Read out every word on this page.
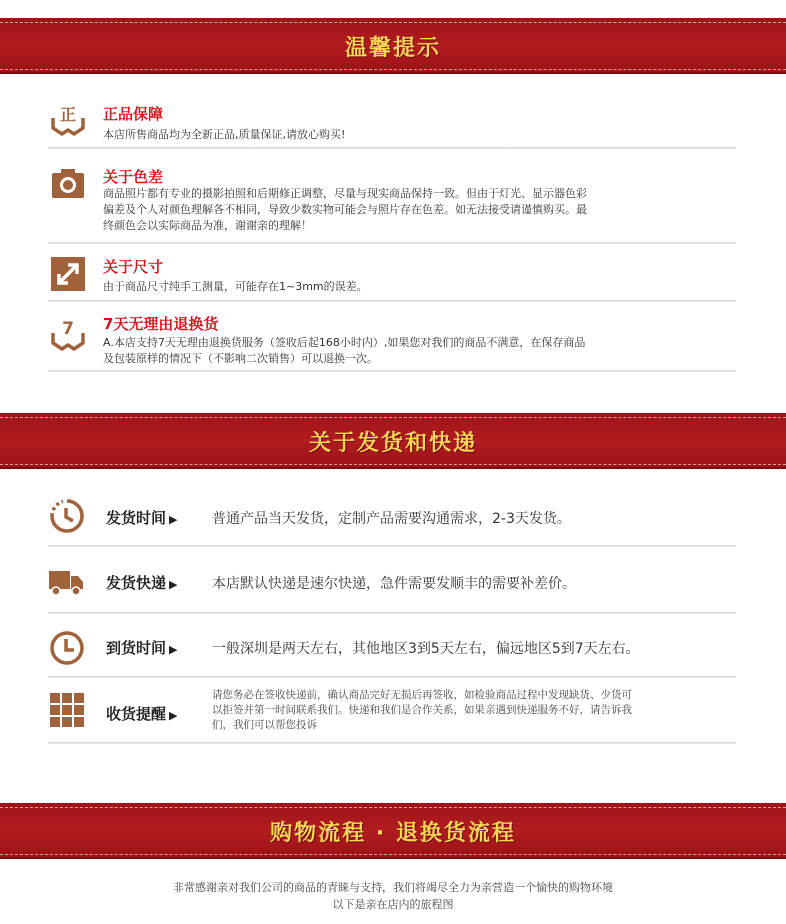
温馨提示
正 正品保障
本店所售商品均为全新正品,质量保证,请放心购买!
关于色差
商品照片都有专业的摄影拍照和后期修正调整，尽量与现实商品保持一致。但由于灯光、显示器色彩
偏差及个人对颜色理解各不相同，导致少数实物可能会与照片存在色差。如无法接受请谨慎购买。最
终颜色会以实际商品为准，谢谢亲的理解！
关于尺寸
由于商品尺寸纯手工测量，可能存在1~3mm的误差。
7 7天无理由退换货
A.本店支持7天无理由退换货服务（签收后起168小时内）,如果您对我们的商品不满意，在保存商品
及包装原样的情况下（不影响二次销售）可以退换一次。
关于发货和快递
发货时间 ▶ 普通产品当天发货，定制产品需要沟通需求，2-3天发货。
发货快递 ▶ 本店默认快递是速尔快递，急件需要发顺丰的需要补差价。
到货时间 ▶ 一般深圳是两天左右，其他地区3到5天左右，偏远地区5到7天左右。
收货提醒 ▶
请您务必在签收快递前，确认商品完好无损后再签收，如检验商品过程中发现缺货、少货可
以拒签并第一时间联系我们。快递和我们是合作关系，如果亲遇到快递服务不好，请告诉我
们，我们可以帮您投诉
购物流程 · 退换货流程
非常感谢亲对我们公司的商品的青睐与支持，我们将竭尽全力为亲营造一个愉快的购物环境
以下是亲在店内的旅程图
